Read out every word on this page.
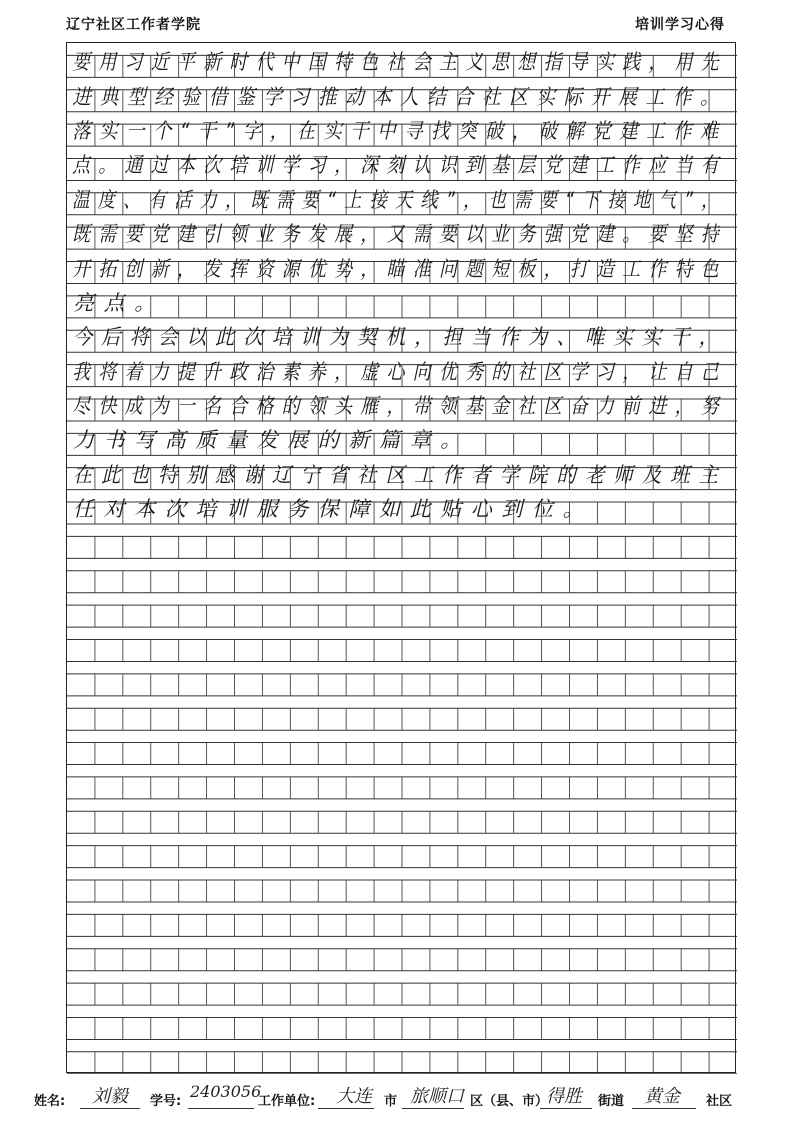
辽宁社区工作者学院	培训学习心得
要用习近平新时代中国特色社会主义思想指导实践，用先
进典型经验借鉴学习推动本人结合社区实际开展工作。
落实一个“干”字，在实干中寻找突破，破解党建工作难
点。通过本次培训学习，深刻认识到基层党建工作应当有
温度、有活力，既需要“上接天线”，也需要“下接地气”，
既需要党建引领业务发展，又需要以业务强党建。要坚持
开拓创新，发挥资源优势，瞄准问题短板，打造工作特色
亮点。
今后将会以此次培训为契机，担当作为、唯实实干，
我将着力提升政治素养，虚心向优秀的社区学习，让自己
尽快成为一名合格的领头雁，带领基金社区奋力前进，努
力书写高质量发展的新篇章。
在此也特别感谢辽宁省社区工作者学院的老师及班主
任对本次培训服务保障如此贴心到位。
姓名: 刘毅 学号:
2403056
工作单位: 大连 市 旅顺口 区（县、市）
得胜 街道 黄金 社区
